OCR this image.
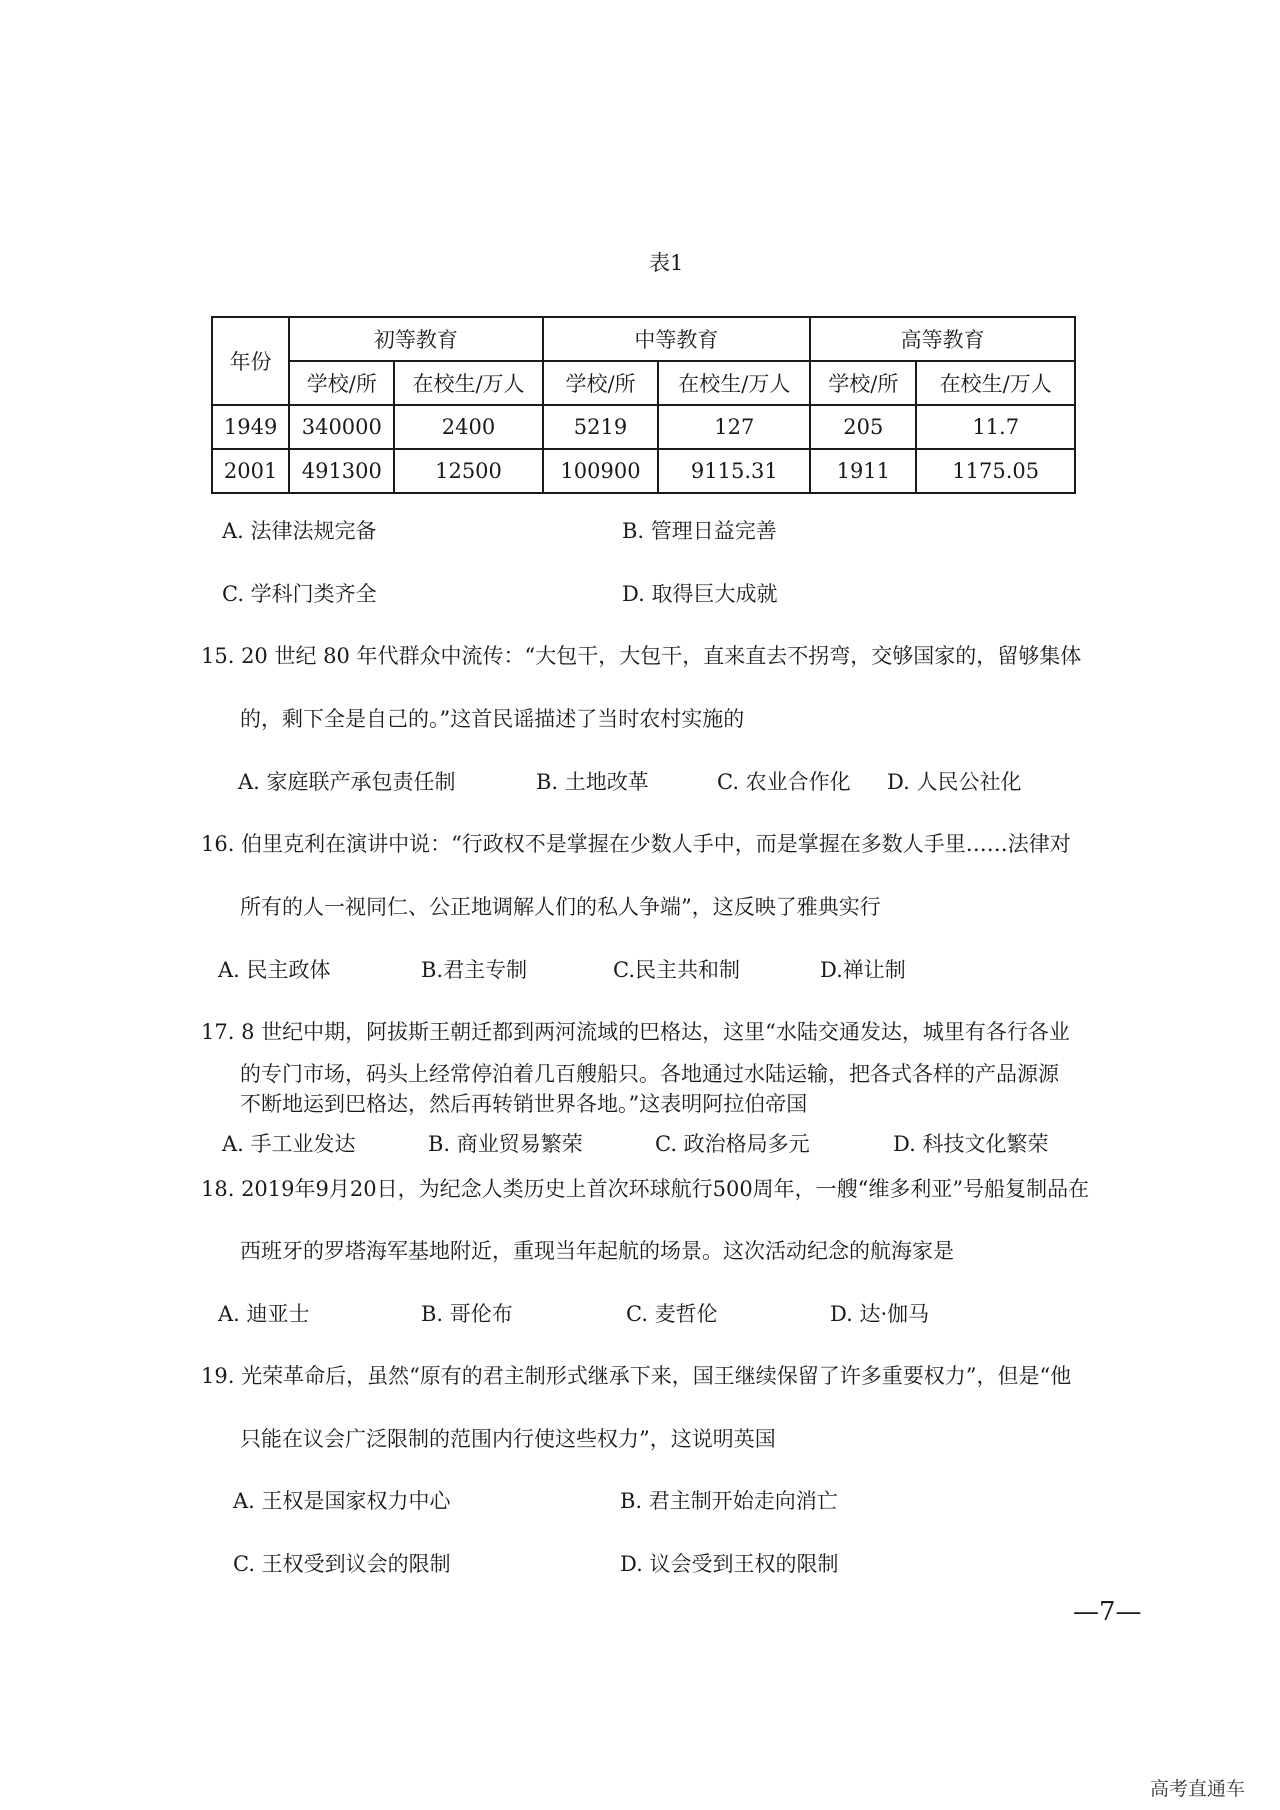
表1
年份	初等教育		中等教育		高等教育	
	学校/所	在校生/万人	学校/所	在校生/万人	学校/所	在校生/万人
1949	340000	2400	5219	127	205	11.7
2001	491300	12500	100900	9115.31	1911	1175.05
A. 法律法规完备	B. 管理日益完善
C. 学科门类齐全	D. 取得巨大成就
15. 20 世纪 80 年代群众中流传：“大包干，大包干，直来直去不拐弯，交够国家的，留够集体
的，剩下全是自己的。”这首民谣描述了当时农村实施的
A. 家庭联产承包责任制	B. 土地改革	C. 农业合作化 D. 人民公社化
16. 伯里克利在演讲中说：“行政权不是掌握在少数人手中，而是掌握在多数人手里……法律对
所有的人一视同仁、公正地调解人们的私人争端”，这反映了雅典实行
A. 民主政体	B.君主专制	C.民主共和制	D.禅让制
17. 8 世纪中期，阿拔斯王朝迁都到两河流域的巴格达，这里“水陆交通发达，城里有各行各业
的专门市场，码头上经常停泊着几百艘船只。各地通过水陆运输，把各式各样的产品源源
不断地运到巴格达，然后再转销世界各地。”这表明阿拉伯帝国
A. 手工业发达	B. 商业贸易繁荣	C. 政治格局多元	D. 科技文化繁荣
18. 2019年9月20日，为纪念人类历史上首次环球航行500周年，一艘“维多利亚”号船复制品在
西班牙的罗塔海军基地附近，重现当年起航的场景。这次活动纪念的航海家是
A. 迪亚士	B. 哥伦布	C. 麦哲伦	D. 达·伽马
19. 光荣革命后，虽然“原有的君主制形式继承下来，国王继续保留了许多重要权力”，但是“他
只能在议会广泛限制的范围内行使这些权力”，这说明英国
A. 王权是国家权力中心	B. 君主制开始走向消亡
C. 王权受到议会的限制	D. 议会受到王权的限制
—7—
高考直通车
